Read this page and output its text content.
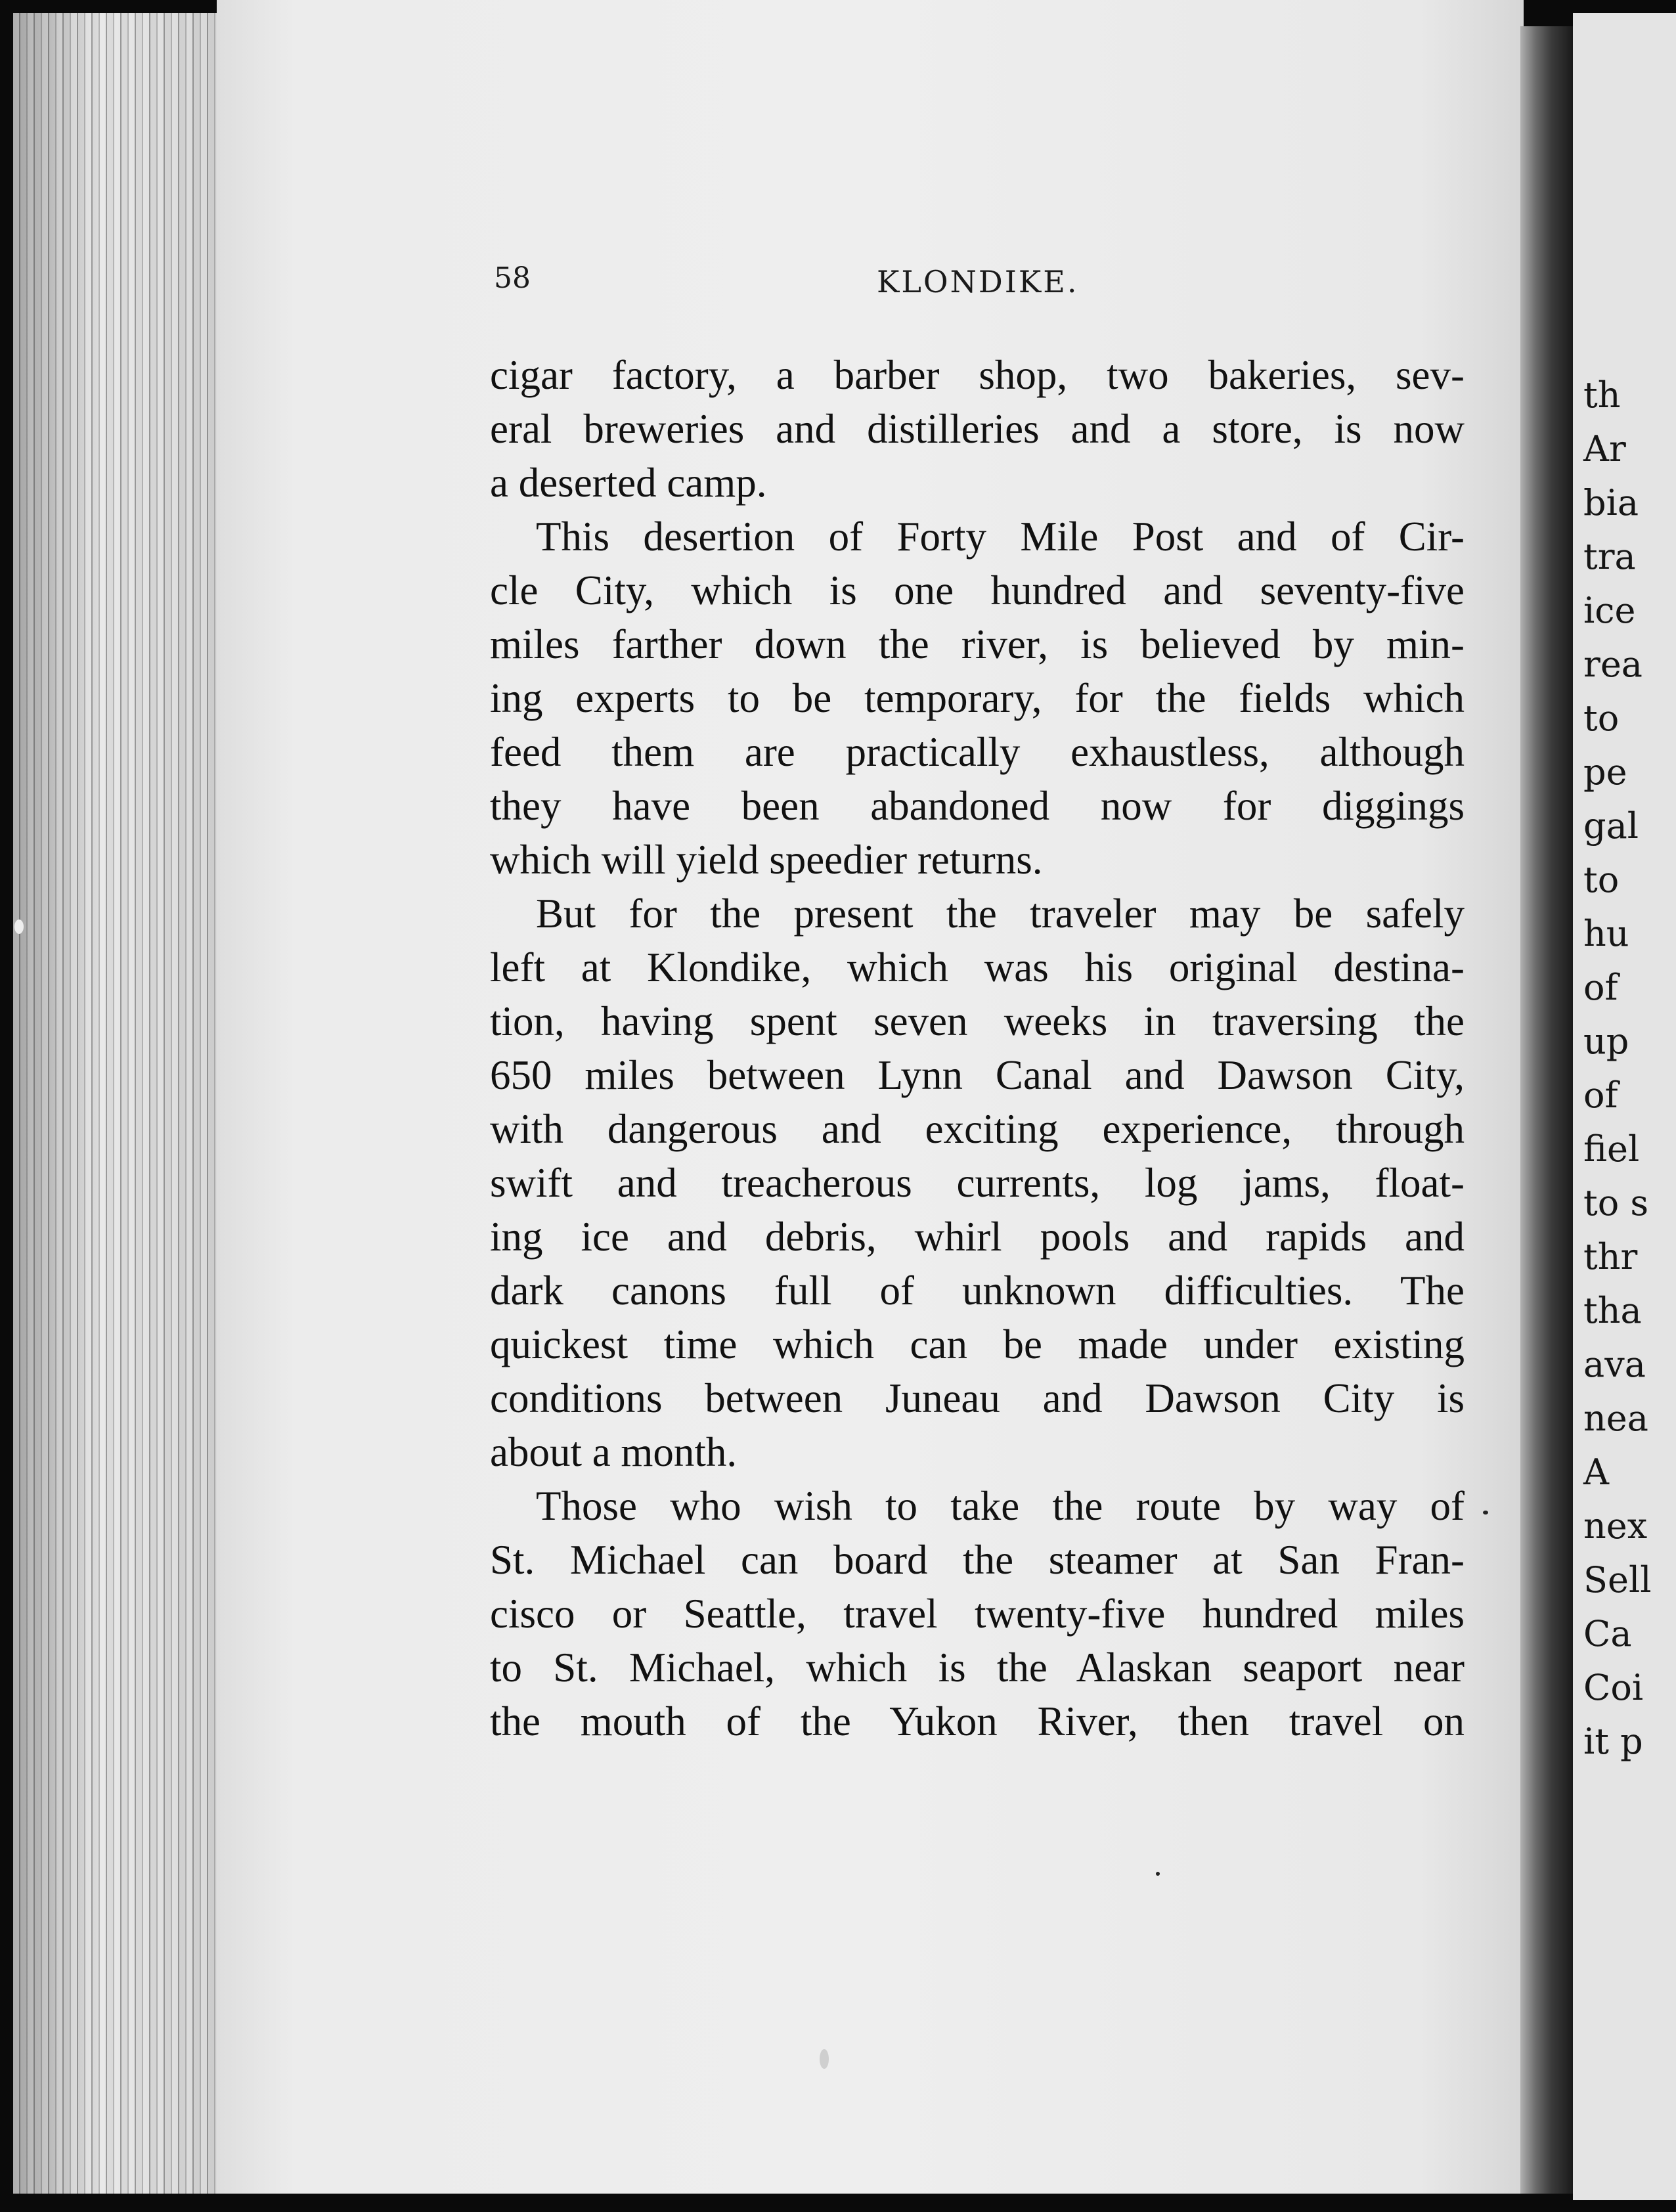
th
Ar
bia
tra
ice
rea
to
pe
gal
to
hu
of
up
of
fiel
to s
thr
tha
ava
nea
A
nex
Sell
Ca
Coi
it p
58	KLONDIKE.
cigar factory, a barber shop, two bakeries, sev-
eral breweries and distilleries and a store, is now
a deserted camp.
This desertion of Forty Mile Post and of Cir-
cle City, which is one hundred and seventy-five
miles farther down the river, is believed by min-
ing experts to be temporary, for the fields which
feed them are practically exhaustless, although
they have been abandoned now for diggings
which will yield speedier returns.
But for the present the traveler may be safely
left at Klondike, which was his original destina-
tion, having spent seven weeks in traversing the
650 miles between Lynn Canal and Dawson City,
with dangerous and exciting experience, through
swift and treacherous currents, log jams, float-
ing ice and debris, whirl pools and rapids and
dark canons full of unknown difficulties. The
quickest time which can be made under existing
conditions between Juneau and Dawson City is
about a month.
Those who wish to take the route by way of
St. Michael can board the steamer at San Fran-
cisco or Seattle, travel twenty-five hundred miles
to St. Michael, which is the Alaskan seaport near
the mouth of the Yukon River, then travel on
